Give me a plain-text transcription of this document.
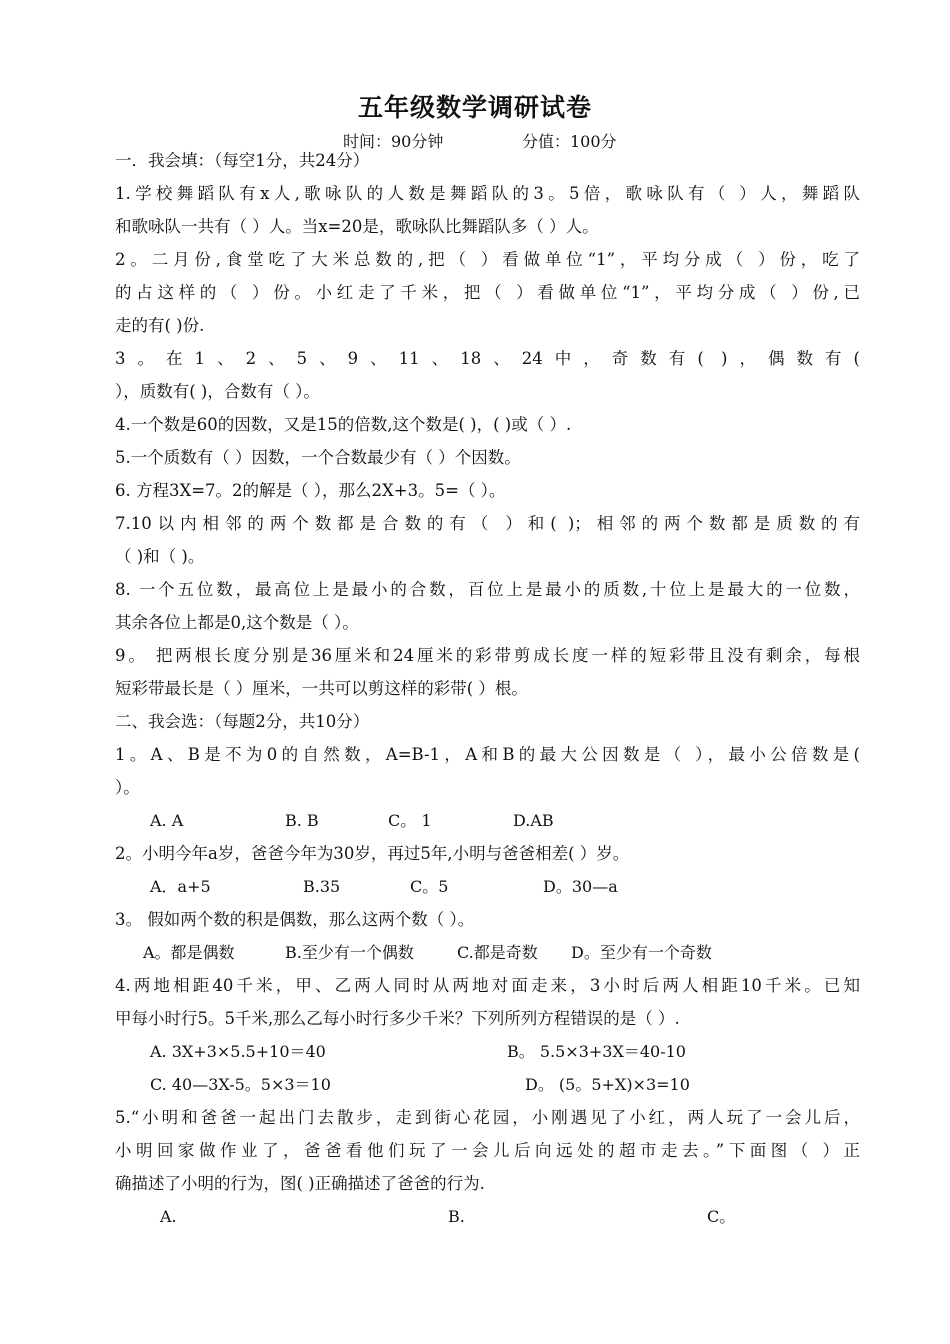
五年级数学调研试卷
时间：90分钟	分值：100分
一．我会填：（每空1分，共24分）
1.学校舞蹈队有x人,歌咏队的人数是舞蹈队的3。5倍，歌咏队有（ ）人，舞蹈队
和歌咏队一共有（ ）人。当x=20是，歌咏队比舞蹈队多（ ）人。
2。二月份,食堂吃了大米总数的,把（ ）看做单位“1”，平均分成（ ）份，吃了
的占这样的（ ）份。小红走了千米，把（ ）看做单位“1”，平均分成（ ）份,已
走的有( )份.
3。在1、2、5、9、11、18、24中，奇数有( )，偶数有(
），质数有( )，合数有（ ）。
4.一个数是60的因数，又是15的倍数,这个数是( )，( )或（ ）.
5.一个质数有（ ）因数，一个合数最少有（ ）个因数。
6. 方程3X=7。2的解是（ ），那么2X+3。5=（ ）。
7.10以内相邻的两个数都是合数的有（ ）和( )；相邻的两个数都是质数的有
（ )和（ )。
8. 一个五位数，最高位上是最小的合数，百位上是最小的质数,十位上是最大的一位数，
其余各位上都是0,这个数是（ ）。
9。 把两根长度分别是36厘米和24厘米的彩带剪成长度一样的短彩带且没有剩余，每根
短彩带最长是（ ）厘米，一共可以剪这样的彩带( ）根。
二、我会选：（每题2分，共10分）
1。A、B是不为0的自然数，A=B-1，A和B的最大公因数是（ ），最小公倍数是(
）。
A. A	B. B	C。 1	D.AB
2。小明今年a岁，爸爸今年为30岁，再过5年,小明与爸爸相差( ）岁。
A．a+5	B.35	C。5	D。30—a
3。 假如两个数的积是偶数，那么这两个数（ ）。
A。都是偶数	B.至少有一个偶数	C.都是奇数 D。至少有一个奇数
4.两地相距40千米，甲、乙两人同时从两地对面走来，3小时后两人相距10千米。已知
甲每小时行5。5千米,那么乙每小时行多少千米？下列所列方程错误的是（ ）.
A. 3X+3×5.5+10＝40	B。 5.5×3+3X＝40-10
C. 40—3X-5。5×3＝10	D。 (5。5+X)×3=10
5.“小明和爸爸一起出门去散步，走到街心花园，小刚遇见了小红，两人玩了一会儿后，
小明回家做作业了，爸爸看他们玩了一会儿后向远处的超市走去。”下面图（ ）正
确描述了小明的行为，图( )正确描述了爸爸的行为.
A.	B.	C。
